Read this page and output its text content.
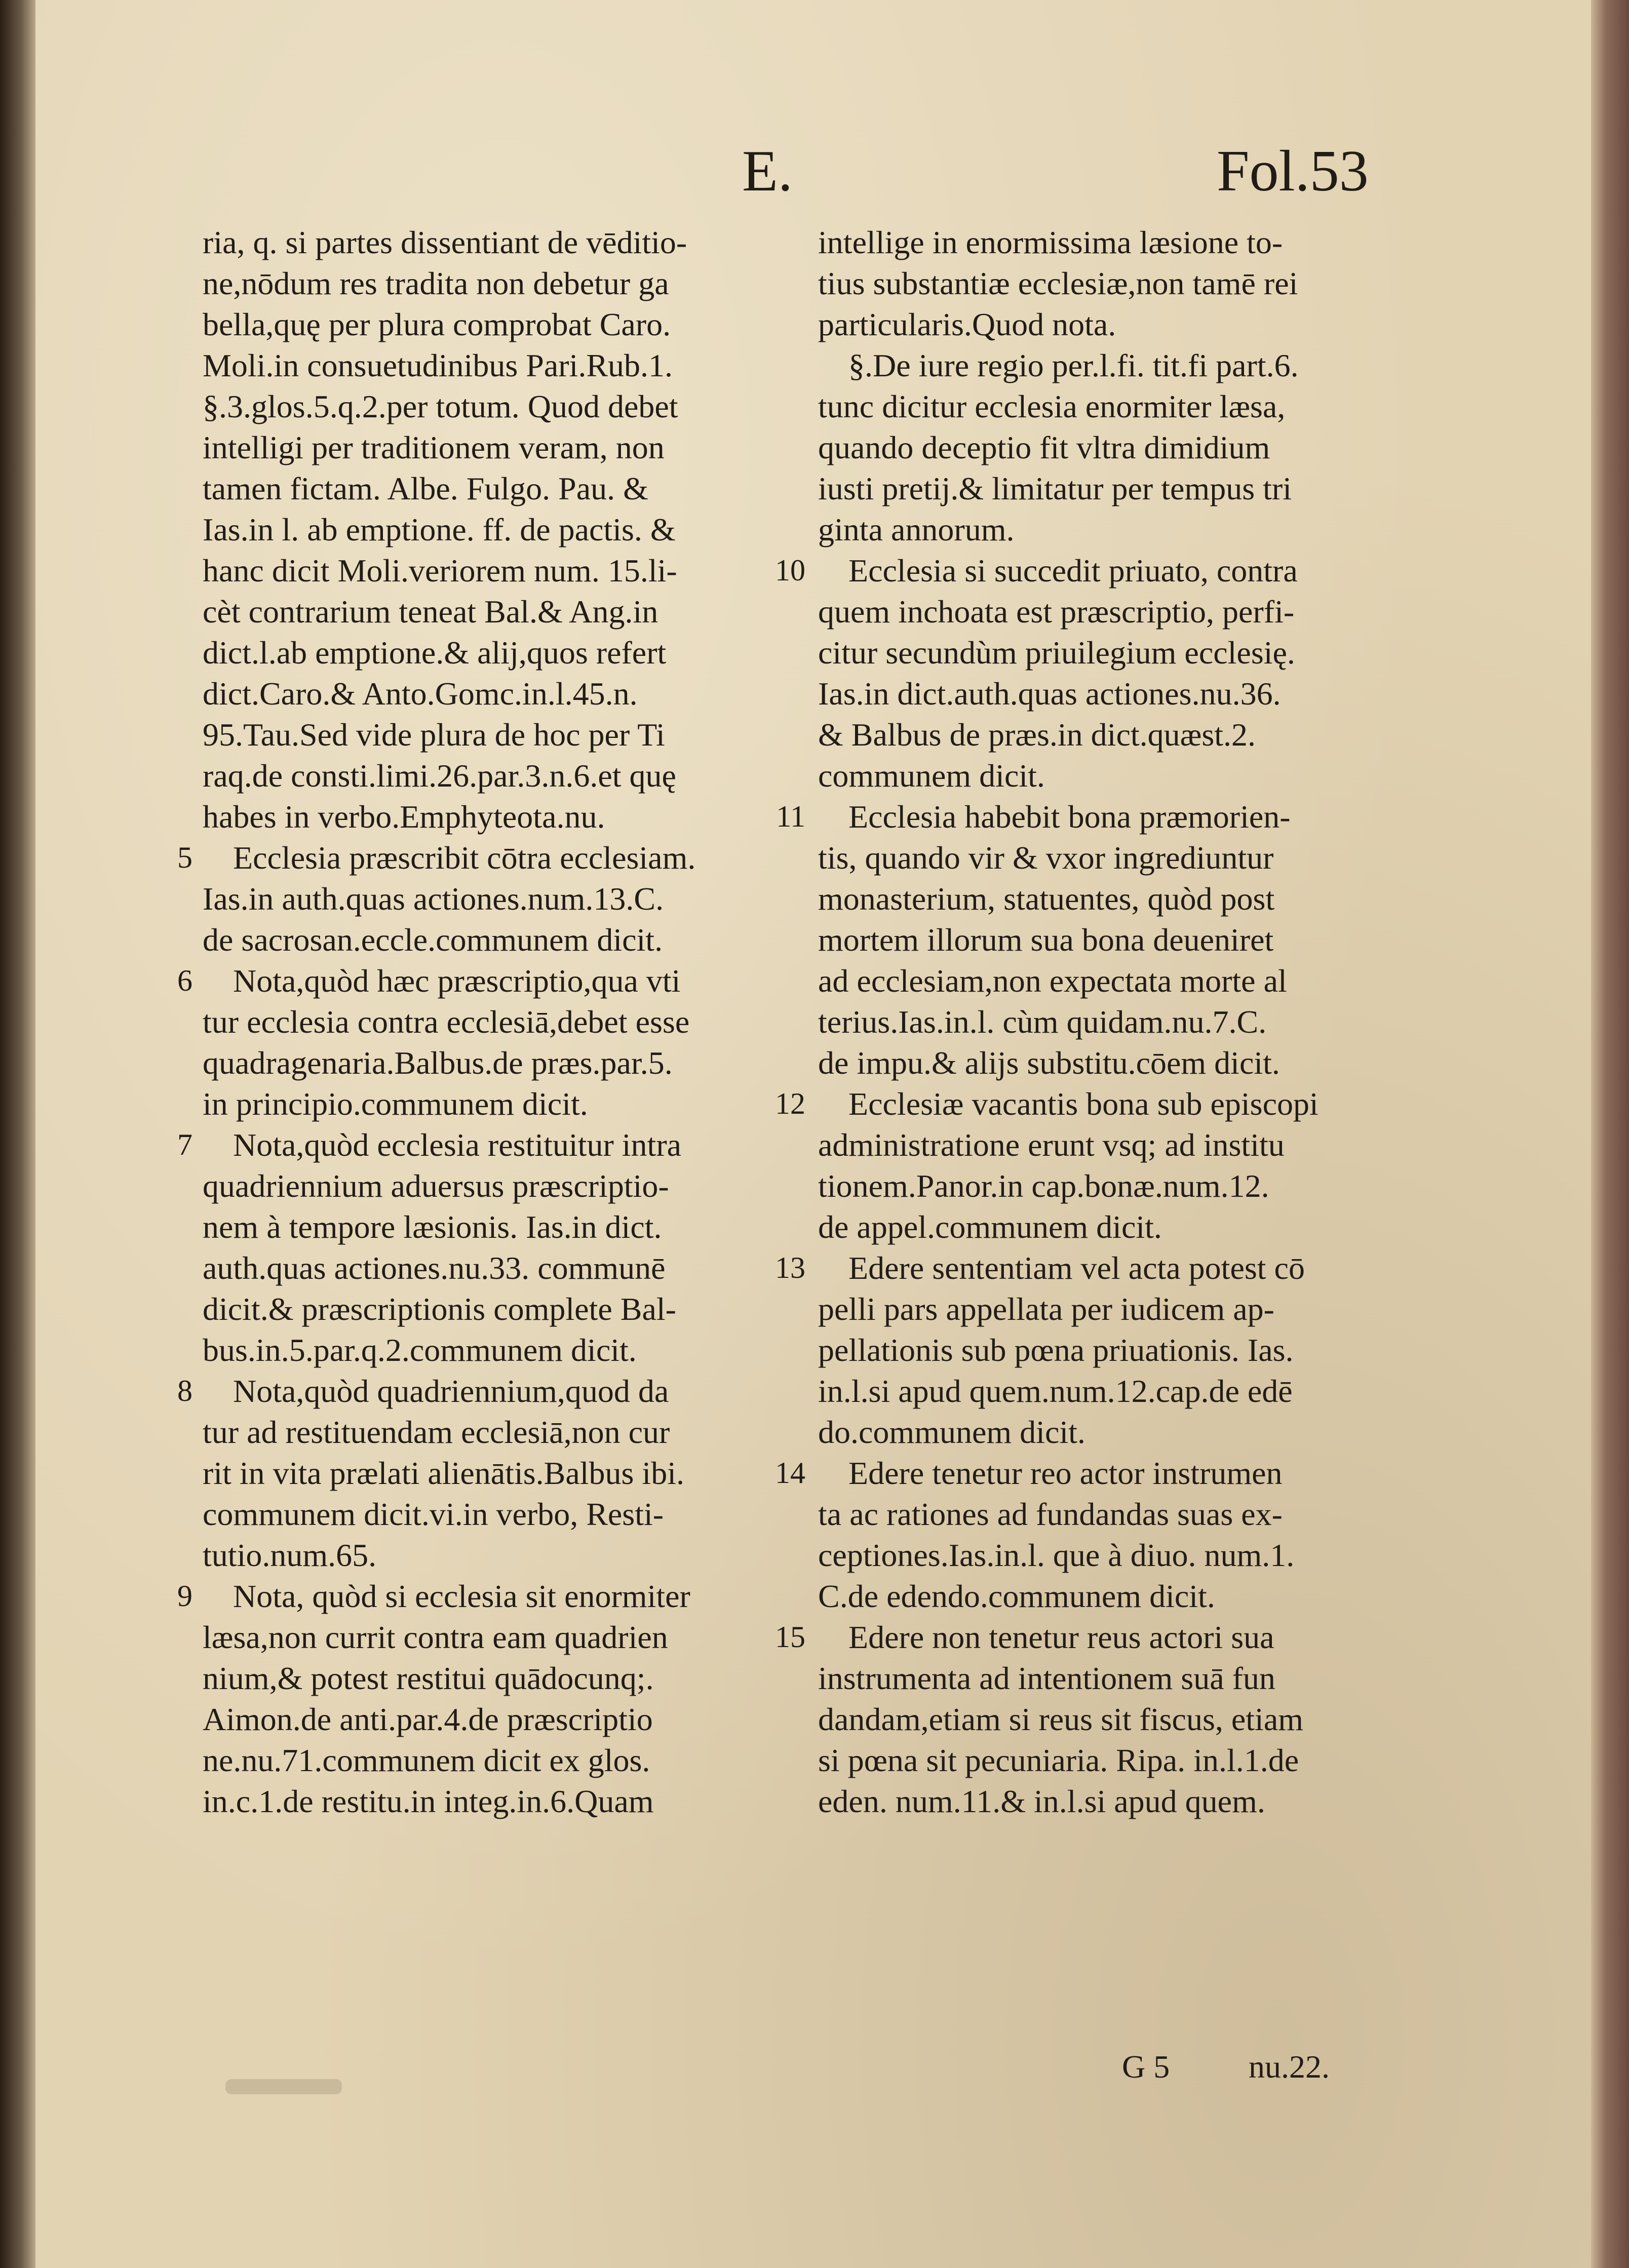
E.	Fol.53
ria, q. si partes dissentiant de vēditio-
ne,nōdum res tradita non debetur ga
bella,quę per plura comprobat Caro.
Moli.in consuetudinibus Pari.Rub.1.
§.3.glos.5.q.2.per totum. Quod debet
intelligi per traditionem veram, non
tamen fictam. Albe. Fulgo. Pau. &
Ias.in l. ab emptione. ff. de pactis. &
hanc dicit Moli.veriorem num. 15.li-
cèt contrarium teneat Bal.& Ang.in
dict.l.ab emptione.& alij,quos refert
dict.Caro.& Anto.Gomc.in.l.45.n.
95.Tau.Sed vide plura de hoc per Ti
raq.de consti.limi.26.par.3.n.6.et quę
habes in verbo.Emphyteota.nu.
5	Ecclesia præscribit cōtra ecclesiam.
Ias.in auth.quas actiones.num.13.C.
de sacrosan.eccle.communem dicit.
6	Nota,quòd hæc præscriptio,qua vti
tur ecclesia contra ecclesiā,debet esse
quadragenaria.Balbus.de præs.par.5.
in principio.communem dicit.
7	Nota,quòd ecclesia restituitur intra
quadriennium aduersus præscriptio-
nem à tempore læsionis. Ias.in dict.
auth.quas actiones.nu.33. communē
dicit.& præscriptionis complete Bal-
bus.in.5.par.q.2.communem dicit.
8	Nota,quòd quadriennium,quod da
tur ad restituendam ecclesiā,non cur
rit in vita prælati alienātis.Balbus ibi.
communem dicit.vi.in verbo, Resti-
tutio.num.65.
9	Nota, quòd si ecclesia sit enormiter
læsa,non currit contra eam quadrien
nium,& potest restitui quādocunq;.
Aimon.de anti.par.4.de præscriptio
ne.nu.71.communem dicit ex glos.
in.c.1.de restitu.in integ.in.6.Quam
intellige in enormissima læsione to-
tius substantiæ ecclesiæ,non tamē rei
particularis.Quod nota.
§.De iure regio per.l.fi. tit.fi part.6.
tunc dicitur ecclesia enormiter læsa,
quando deceptio fit vltra dimidium
iusti pretij.& limitatur per tempus tri
ginta annorum.
10	Ecclesia si succedit priuato, contra
quem inchoata est præscriptio, perfi-
citur secundùm priuilegium ecclesię.
Ias.in dict.auth.quas actiones.nu.36.
& Balbus de præs.in dict.quæst.2.
communem dicit.
11	Ecclesia habebit bona præmorien-
tis, quando vir & vxor ingrediuntur
monasterium, statuentes, quòd post
mortem illorum sua bona deueniret
ad ecclesiam,non expectata morte al
terius.Ias.in.l. cùm quidam.nu.7.C.
de impu.& alijs substitu.cōem dicit.
12	Ecclesiæ vacantis bona sub episcopi
administratione erunt vsq; ad institu
tionem.Panor.in cap.bonæ.num.12.
de appel.communem dicit.
13	Edere sententiam vel acta potest cō
pelli pars appellata per iudicem ap-
pellationis sub pœna priuationis. Ias.
in.l.si apud quem.num.12.cap.de edē
do.communem dicit.
14	Edere tenetur reo actor instrumen
ta ac rationes ad fundandas suas ex-
ceptiones.Ias.in.l. que à diuo. num.1.
C.de edendo.communem dicit.
15	Edere non tenetur reus actori sua
instrumenta ad intentionem suā fun
dandam,etiam si reus sit fiscus, etiam
si pœna sit pecuniaria. Ripa. in.l.1.de
eden. num.11.& in.l.si apud quem.
G 5 nu.22.
